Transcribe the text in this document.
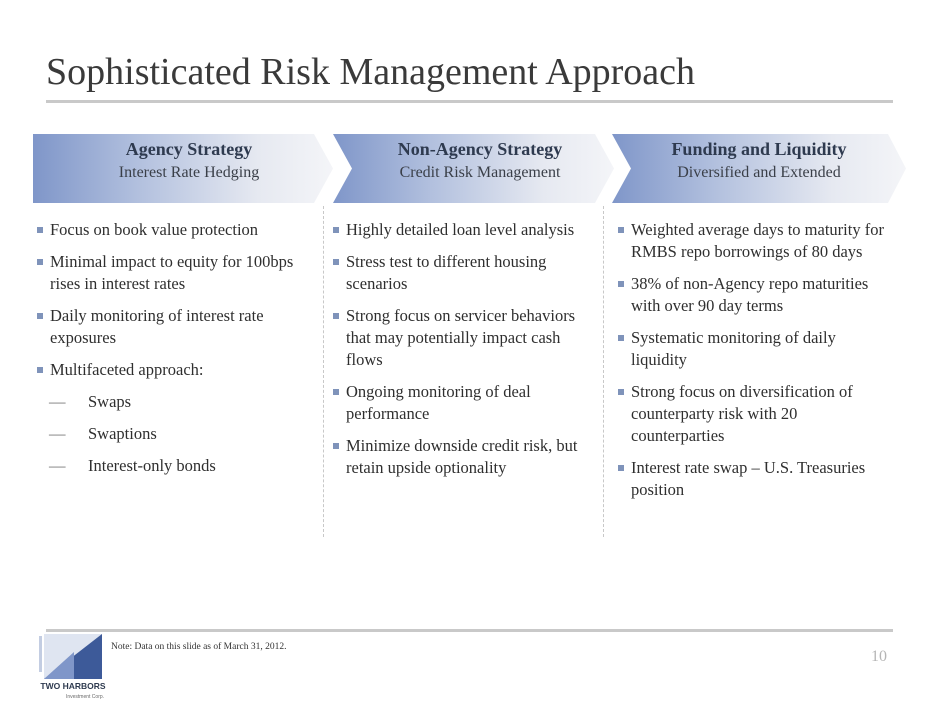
Sophisticated Risk Management Approach
Agency Strategy
Interest Rate Hedging
Non-Agency Strategy
Credit Risk Management
Funding and Liquidity
Diversified and Extended
Focus on book value protection
Minimal impact to equity for 100bps rises in interest rates
Daily monitoring of interest rate exposures
Multifaceted approach:
— Swaps
— Swaptions
— Interest-only bonds
Highly detailed loan level analysis
Stress test to different housing scenarios
Strong focus on servicer behaviors that may potentially impact cash flows
Ongoing monitoring of deal performance
Minimize downside credit risk, but retain upside optionality
Weighted average days to maturity for RMBS repo borrowings of 80 days
38% of non-Agency repo maturities with over 90 day terms
Systematic monitoring of daily liquidity
Strong focus on diversification of counterparty risk with 20 counterparties
Interest rate swap – U.S. Treasuries position
TWO HARBORS
Investment Corp.
Note: Data on this slide as of March 31, 2012.
10
